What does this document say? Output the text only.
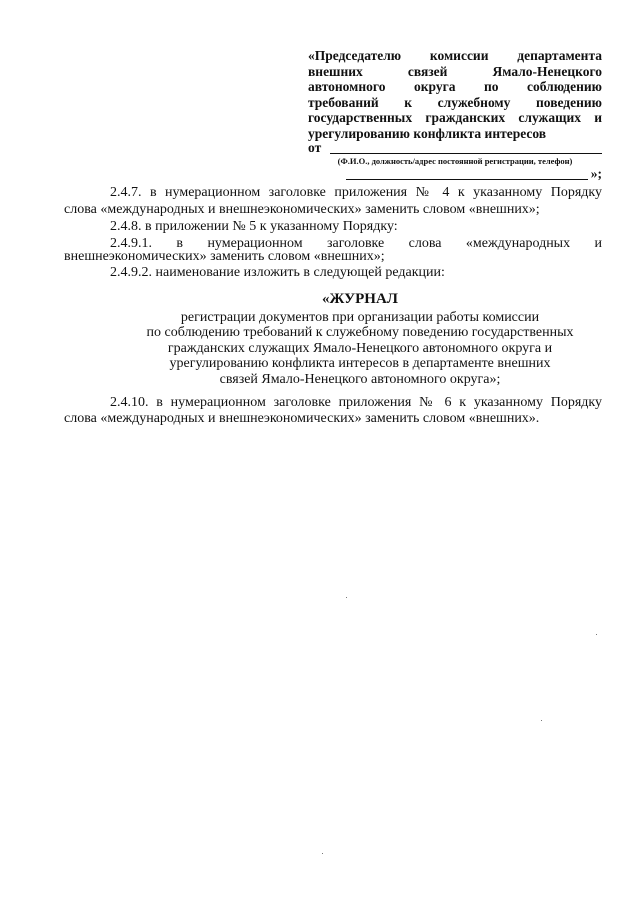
«Председателю комиссии департамента
внешних связей Ямало-Ненецкого
автономного округа по соблюдению
требований к служебному поведению
государственных гражданских служащих и
урегулированию конфликта интересов
от
(Ф.И.О., должность/адрес постоянной регистрации, телефон)
»;
2.4.7. в нумерационном заголовке приложения № 4 к указанному Порядку
слова «международных и внешнеэкономических» заменить словом «внешних»;
2.4.8. в приложении № 5 к указанному Порядку:
2.4.9.1. в нумерационном заголовке слова «международных и
внешнеэкономических» заменить словом «внешних»;
2.4.9.2. наименование изложить в следующей редакции:
«ЖУРНАЛ
регистрации документов при организации работы комиссии
по соблюдению требований к служебному поведению государственных
гражданских служащих Ямало-Ненецкого автономного округа и
урегулированию конфликта интересов в департаменте внешних
связей Ямало-Ненецкого автономного округа»;
2.4.10. в нумерационном заголовке приложения № 6 к указанному Порядку
слова «международных и внешнеэкономических» заменить словом «внешних».
